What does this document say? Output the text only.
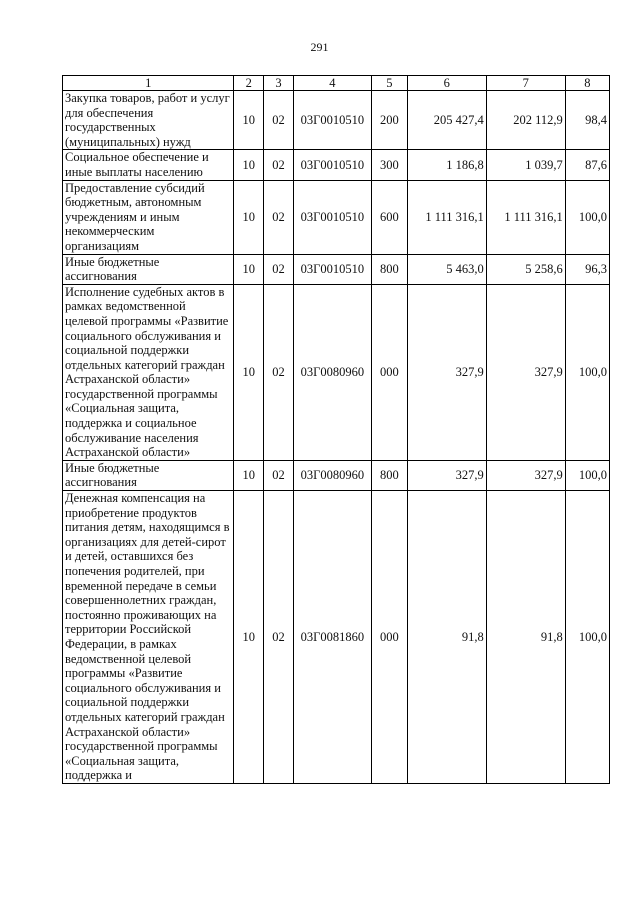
291
1	2	3	4	5	6	7	8
Закупка товаров, работ и услуг для обеспечения государственных (муниципальных) нужд	10	02	03Г0010510	200	205 427,4	202 112,9	98,4
Социальное обеспечение и иные выплаты населению	10	02	03Г0010510	300	1 186,8	1 039,7	87,6
Предоставление субсидий бюджетным, автономным учреждениям и иным некоммерческим организациям	10	02	03Г0010510	600	1 111 316,1	1 111 316,1	100,0
Иные бюджетные ассигнования	10	02	03Г0010510	800	5 463,0	5 258,6	96,3
Исполнение судебных актов в рамках ведомственной целевой программы «Развитие социального обслуживания и социальной поддержки отдельных категорий граждан Астраханской области» государственной программы «Социальная защита, поддержка и социальное обслуживание населения Астраханской области»	10	02	03Г0080960	000	327,9	327,9	100,0
Иные бюджетные ассигнования	10	02	03Г0080960	800	327,9	327,9	100,0
Денежная компенсация на приобретение продуктов питания детям, находящимся в организациях для детей-сирот и детей, оставшихся без попечения родителей, при временной передаче в семьи совершеннолетних граждан, постоянно проживающих на территории Российской Федерации, в рамках ведомственной целевой программы «Развитие социального обслуживания и социальной поддержки отдельных категорий граждан Астраханской области» государственной программы «Социальная защита, поддержка и	10	02	03Г0081860	000	91,8	91,8	100,0
